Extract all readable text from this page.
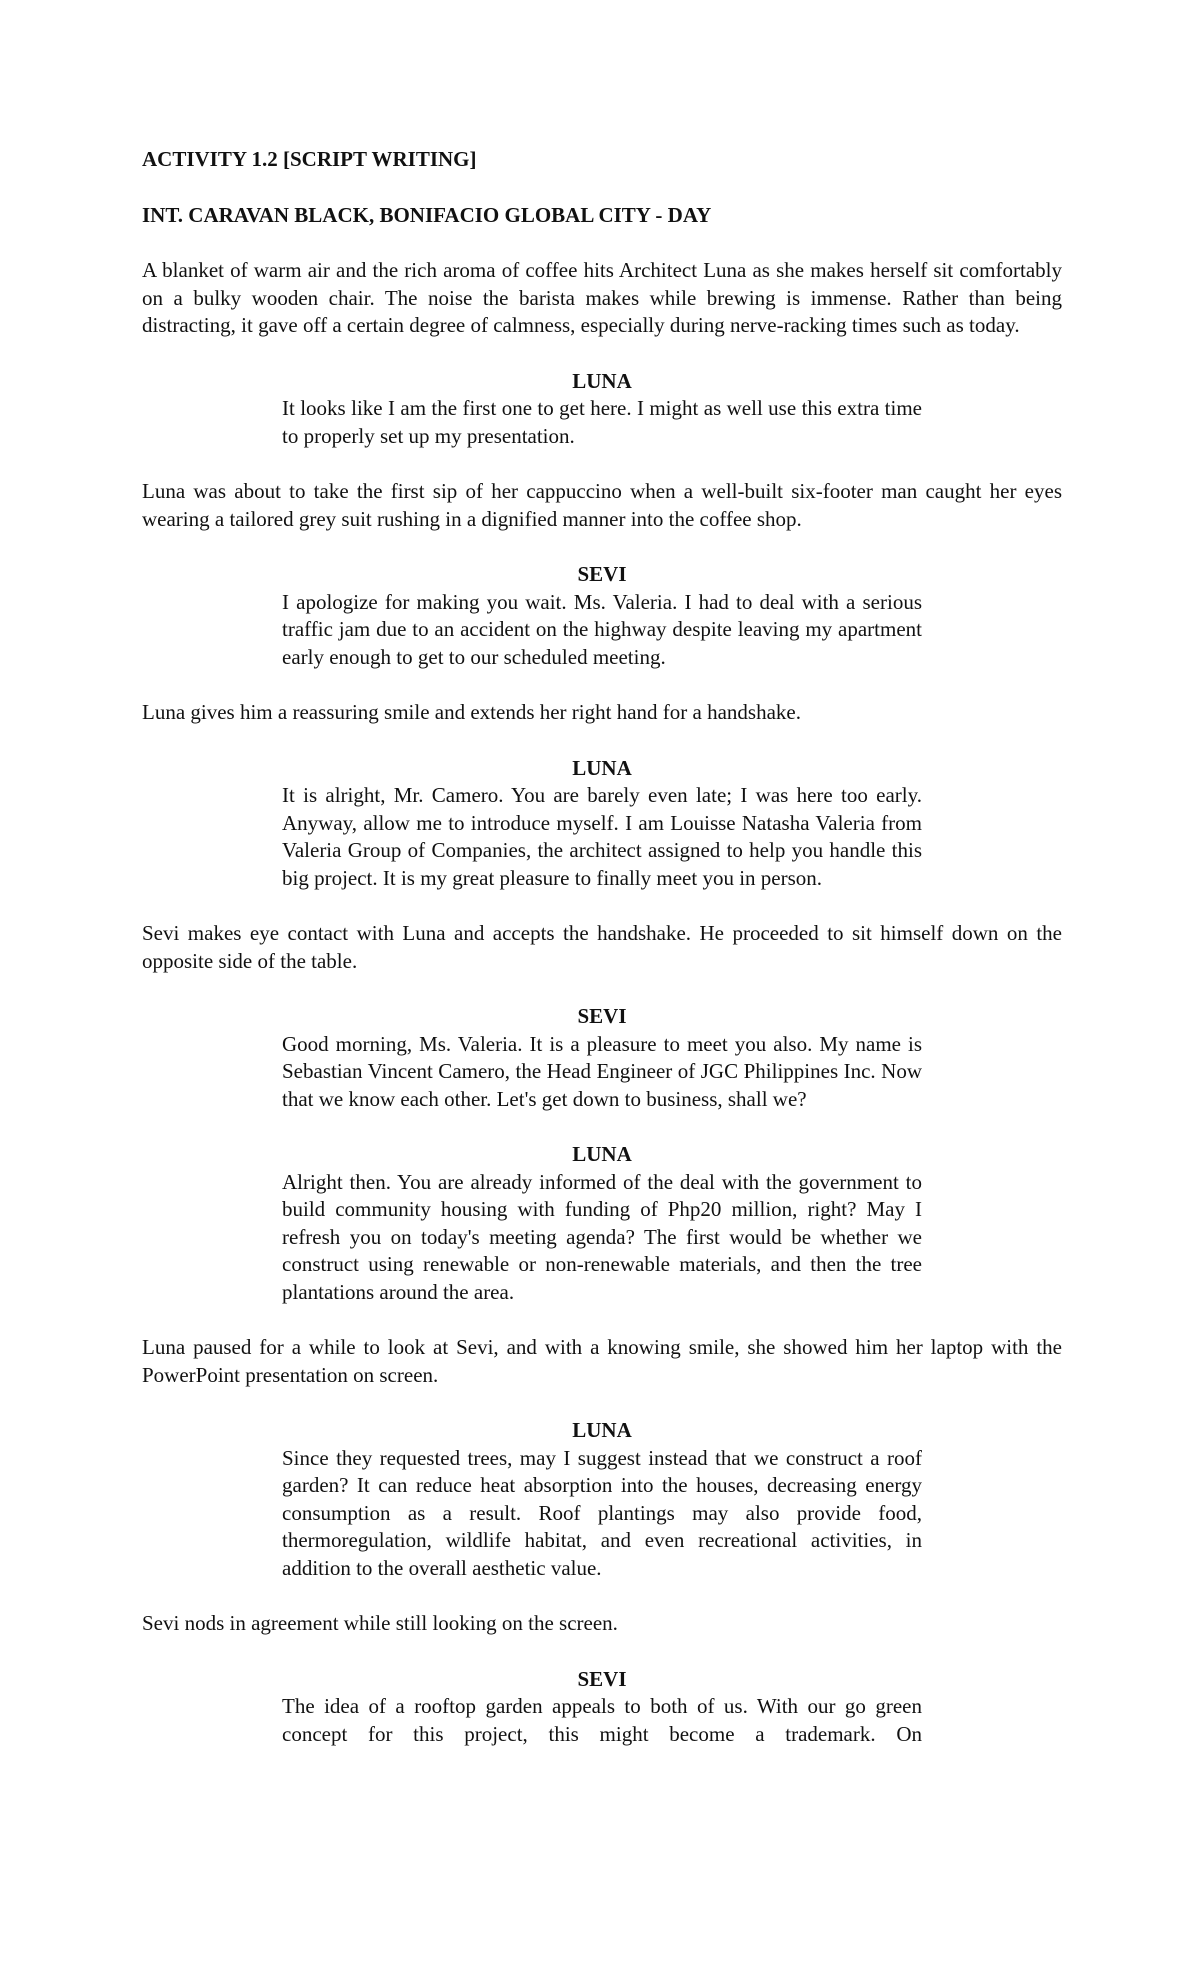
ACTIVITY 1.2 [SCRIPT WRITING]
INT. CARAVAN BLACK, BONIFACIO GLOBAL CITY - DAY
A blanket of warm air and the rich aroma of coffee hits Architect Luna as she makes herself sit comfortably on a bulky wooden chair. The noise the barista makes while brewing is immense. Rather than being distracting, it gave off a certain degree of calmness, especially during nerve-racking times such as today.
LUNA
It looks like I am the first one to get here. I might as well use this extra time to properly set up my presentation.
Luna was about to take the first sip of her cappuccino when a well-built six-footer man caught her eyes wearing a tailored grey suit rushing in a dignified manner into the coffee shop.
SEVI
I apologize for making you wait. Ms. Valeria. I had to deal with a serious traffic jam due to an accident on the highway despite leaving my apartment early enough to get to our scheduled meeting.
Luna gives him a reassuring smile and extends her right hand for a handshake.
LUNA
It is alright, Mr. Camero. You are barely even late; I was here too early. Anyway, allow me to introduce myself. I am Louisse Natasha Valeria from Valeria Group of Companies, the architect assigned to help you handle this big project. It is my great pleasure to finally meet you in person.
Sevi makes eye contact with Luna and accepts the handshake. He proceeded to sit himself down on the opposite side of the table.
SEVI
Good morning, Ms. Valeria. It is a pleasure to meet you also. My name is Sebastian Vincent Camero, the Head Engineer of JGC Philippines Inc. Now that we know each other. Let's get down to business, shall we?
LUNA
Alright then. You are already informed of the deal with the government to build community housing with funding of Php20 million, right? May I refresh you on today's meeting agenda? The first would be whether we construct using renewable or non-renewable materials, and then the tree plantations around the area.
Luna paused for a while to look at Sevi, and with a knowing smile, she showed him her laptop with the PowerPoint presentation on screen.
LUNA
Since they requested trees, may I suggest instead that we construct a roof garden? It can reduce heat absorption into the houses, decreasing energy consumption as a result. Roof plantings may also provide food, thermoregulation, wildlife habitat, and even recreational activities, in addition to the overall aesthetic value.
Sevi nods in agreement while still looking on the screen.
SEVI
The idea of a rooftop garden appeals to both of us. With our go green concept for this project, this might become a trademark. On
